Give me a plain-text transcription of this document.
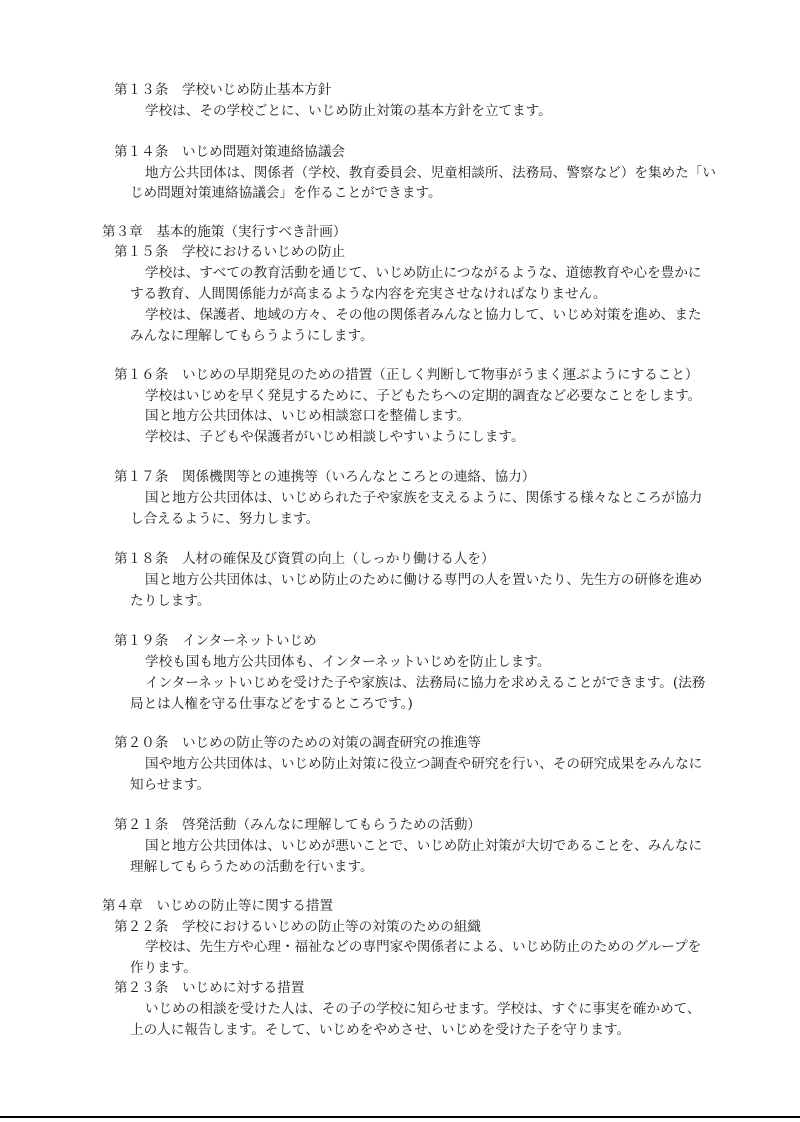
第１３条　学校いじめ防止基本方針
学校は、その学校ごとに、いじめ防止対策の基本方針を立てます。
第１４条　いじめ問題対策連絡協議会
地方公共団体は、関係者（学校、教育委員会、児童相談所、法務局、警察など）を集めた「い
じめ問題対策連絡協議会」を作ることができます。
第３章　基本的施策（実行すべき計画）
第１５条　学校におけるいじめの防止
学校は、すべての教育活動を通じて、いじめ防止につながるような、道徳教育や心を豊かに
する教育、人間関係能力が高まるような内容を充実させなければなりません。
学校は、保護者、地域の方々、その他の関係者みんなと協力して、いじめ対策を進め、また
みんなに理解してもらうようにします。
第１６条　いじめの早期発見のための措置（正しく判断して物事がうまく運ぶようにすること）
学校はいじめを早く発見するために、子どもたちへの定期的調査など必要なことをします。
国と地方公共団体は、いじめ相談窓口を整備します。
学校は、子どもや保護者がいじめ相談しやすいようにします。
第１７条　関係機関等との連携等（いろんなところとの連絡、協力）
国と地方公共団体は、いじめられた子や家族を支えるように、関係する様々なところが協力
し合えるように、努力します。
第１８条　人材の確保及び資質の向上（しっかり働ける人を）
国と地方公共団体は、いじめ防止のために働ける専門の人を置いたり、先生方の研修を進め
たりします。
第１９条　インターネットいじめ
学校も国も地方公共団体も、インターネットいじめを防止します。
インターネットいじめを受けた子や家族は、法務局に協力を求めえることができます。(法務
局とは人権を守る仕事などをするところです。)
第２０条　いじめの防止等のための対策の調査研究の推進等
国や地方公共団体は、いじめ防止対策に役立つ調査や研究を行い、その研究成果をみんなに
知らせます。
第２１条　啓発活動（みんなに理解してもらうための活動）
国と地方公共団体は、いじめが悪いことで、いじめ防止対策が大切であることを、みんなに
理解してもらうための活動を行います。
第４章　いじめの防止等に関する措置
第２２条　学校におけるいじめの防止等の対策のための組織
学校は、先生方や心理・福祉などの専門家や関係者による、いじめ防止のためのグループを
作ります。
第２３条　いじめに対する措置
いじめの相談を受けた人は、その子の学校に知らせます。学校は、すぐに事実を確かめて、
上の人に報告します。そして、いじめをやめさせ、いじめを受けた子を守ります。
